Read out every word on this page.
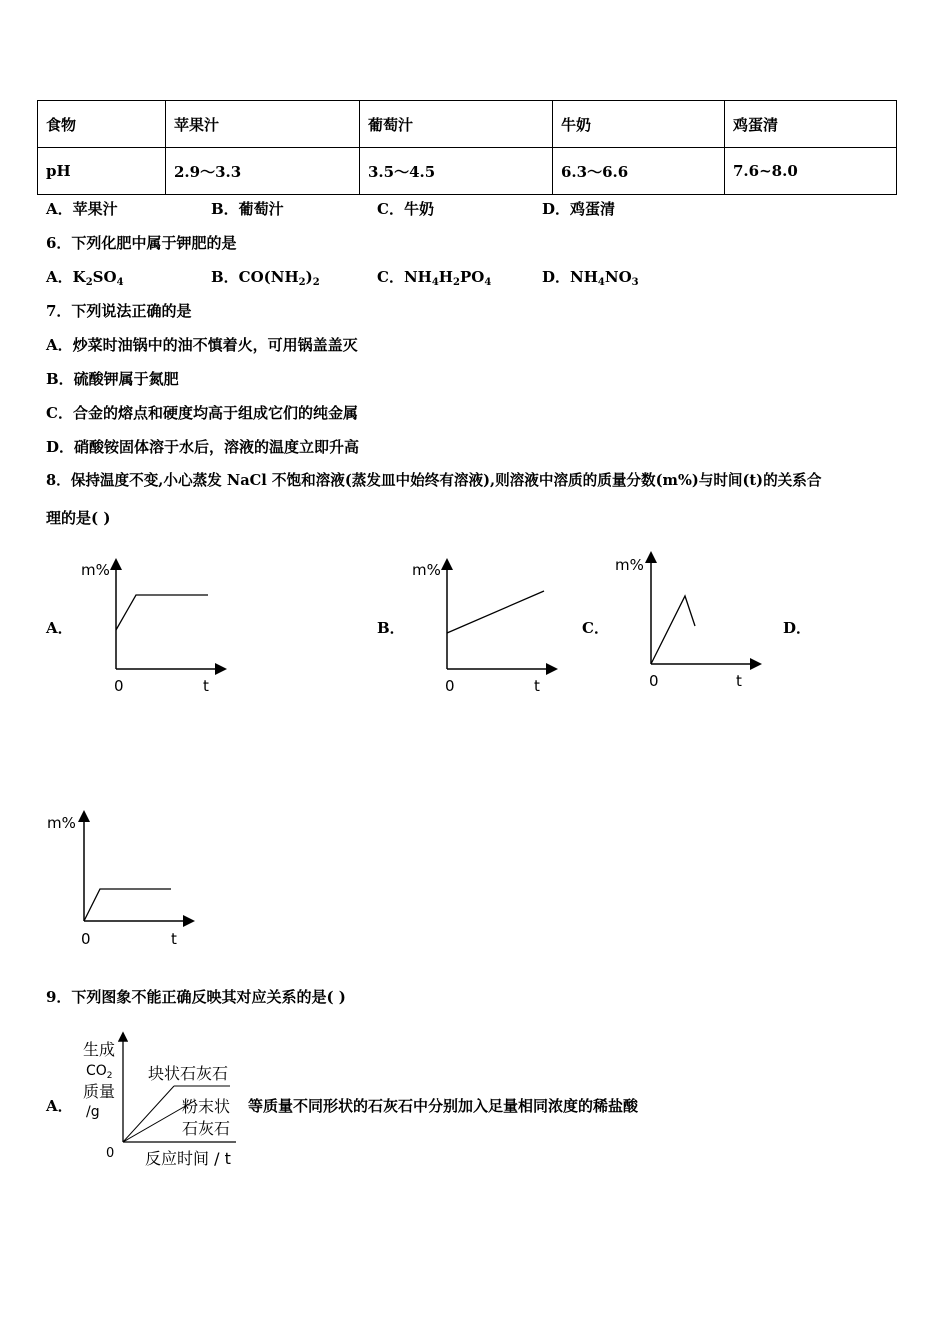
食物	苹果汁	葡萄汁	牛奶	鸡蛋清
pH	2.9～3.3	3.5～4.5	6.3～6.6	7.6~8.0
A．苹果汁	B．葡萄汁	C．牛奶	D．鸡蛋清
6．下列化肥中属于钾肥的是
A．$K_2SO_4$	B．$CO(NH_2)_2$	C．$NH_4H_2PO_4$	D．$NH_4NO_3$
7．下列说法正确的是
A．炒菜时油锅中的油不慎着火，可用锅盖盖灭
B．硫酸钾属于氮肥
C．合金的熔点和硬度均高于组成它们的纯金属
D．硝酸铵固体溶于水后，溶液的温度立即升高
8．保持温度不变,小心蒸发 NaCl 不饱和溶液(蒸发皿中始终有溶液),则溶液中溶质的质量分数(m%)与时间(t)的关系合
理的是( )
A．	B．	C．	D．
m%
0	t
m%
0	t
m%
0	t
m%
0	t
9．下列图象不能正确反映其对应关系的是( )
A．	等质量不同形状的石灰石中分别加入足量相同浓度的稀盐酸
生成
$CO_2$
质量
/g
块状石灰石
粉末状
石灰石
0 反应时间 / t
